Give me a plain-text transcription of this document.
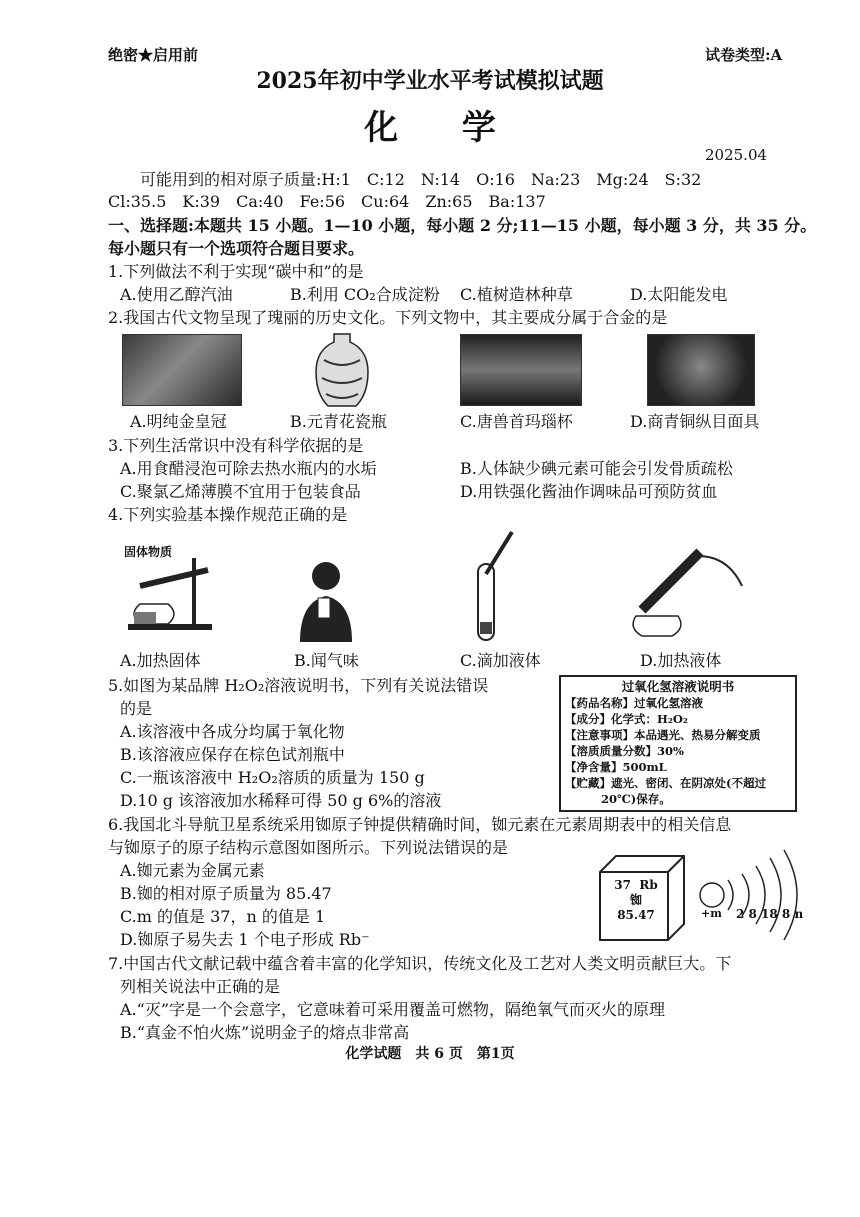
绝密★启用前	试卷类型:A
2025年初中学业水平考试模拟试题
化 学
2025.04
可能用到的相对原子质量:H:1　C:12　N:14　O:16　Na:23　Mg:24　S:32
Cl:35.5　K:39　Ca:40　Fe:56　Cu:64　Zn:65　Ba:137
一、选择题:本题共 15 小题。1—10 小题，每小题 2 分;11—15 小题，每小题 3 分，共 35 分。
每小题只有一个选项符合题目要求。
1.下列做法不利于实现“碳中和”的是
A.使用乙醇汽油	B.利用 CO₂合成淀粉 C.植树造林种草	D.太阳能发电
2.我国古代文物呈现了瑰丽的历史文化。下列文物中，其主要成分属于合金的是
A.明纯金皇冠	B.元青花瓷瓶	C.唐兽首玛瑙杯	D.商青铜纵目面具
3.下列生活常识中没有科学依据的是
A.用食醋浸泡可除去热水瓶内的水垢	B.人体缺少碘元素可能会引发骨质疏松
C.聚氯乙烯薄膜不宜用于包装食品	D.用铁强化酱油作调味品可预防贫血
4.下列实验基本操作规范正确的是
固体物质
A.加热固体	B.闻气味	C.滴加液体	D.加热液体
5.如图为某品牌 H₂O₂溶液说明书，下列有关说法错误
的是
A.该溶液中各成分均属于氧化物
B.该溶液应保存在棕色试剂瓶中
C.一瓶该溶液中 H₂O₂溶质的质量为 150 g
D.10 g 该溶液加水稀释可得 50 g 6%的溶液
过氧化氢溶液说明书
【药品名称】过氧化氢溶液
【成分】化学式：H₂O₂
【注意事项】本品遇光、热易分解变质
【溶质质量分数】30%
【净含量】500mL
【贮藏】遮光、密闭、在阴凉处(不超过
20℃)保存。
6.我国北斗导航卫星系统采用铷原子钟提供精确时间，铷元素在元素周期表中的相关信息
与铷原子的原子结构示意图如图所示。下列说法错误的是
A.铷元素为金属元素
B.铷的相对原子质量为 85.47
C.m 的值是 37，n 的值是 1
D.铷原子易失去 1 个电子形成 Rb⁻
37 Rb
铷
85.47	+m 2 8 18 8 n
7.中国古代文献记载中蕴含着丰富的化学知识，传统文化及工艺对人类文明贡献巨大。下
列相关说法中正确的是
A.“灭”字是一个会意字，它意味着可采用覆盖可燃物，隔绝氧气而灭火的原理
B.“真金不怕火炼”说明金子的熔点非常高
化学试题　共 6 页　第1页
